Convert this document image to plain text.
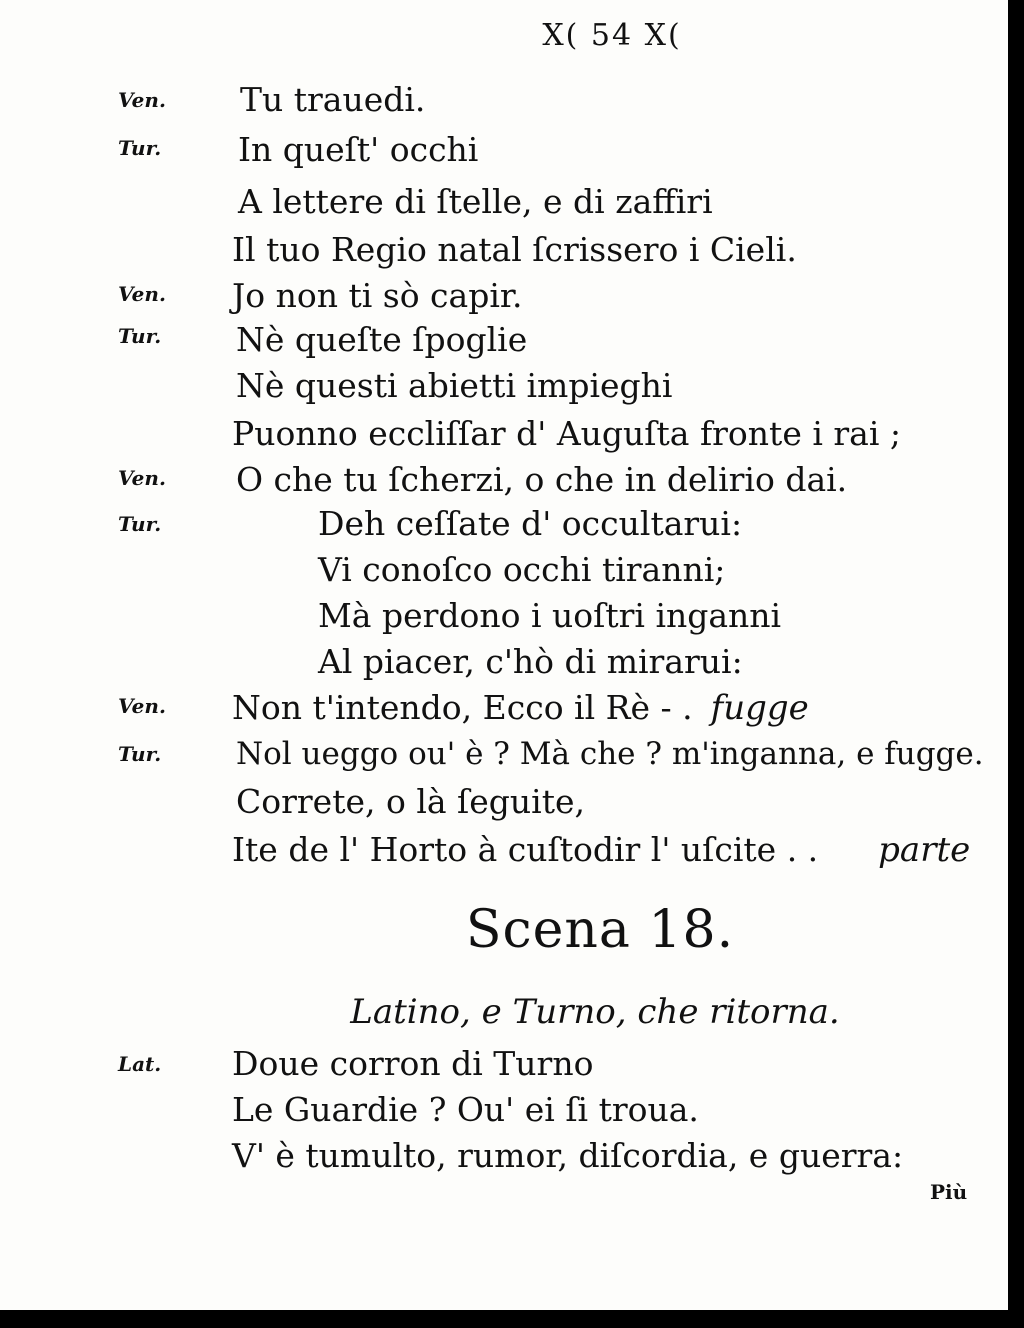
X( 54 X(
Ven. Tu trauedi.
Tur. In queſt' occhi
A lettere di ſtelle, e di zaffiri
Il tuo Regio natal ſcrissero i Cieli.
Ven. Jo non ti sò capir.
Tur. Nè queſte ſpoglie
Nè questi abietti impieghi
Puonno eccliſſar d' Auguſta fronte i rai ;
Ven. O che tu ſcherzi, o che in delirio dai.
Tur.	Deh ceſſate d' occultarui:
Vi conoſco occhi tiranni;
Mà perdono i uoſtri inganni
Al piacer, c'hò di mirarui:
Ven. Non t'intendo, Ecco il Rè - . fugge
Tur. Nol ueggo ou' è ? Mà che ? m'inganna, e fugge.
Correte, o là ſeguite,
Ite de l' Horto à cuſtodir l' uſcite . . parte
Scena 18.
Latino, e Turno, che ritorna.
Lat. Doue corron di Turno
Le Guardie ? Ou' ei ſi troua.
V' è tumulto, rumor, diſcordia, e guerra:
Più
